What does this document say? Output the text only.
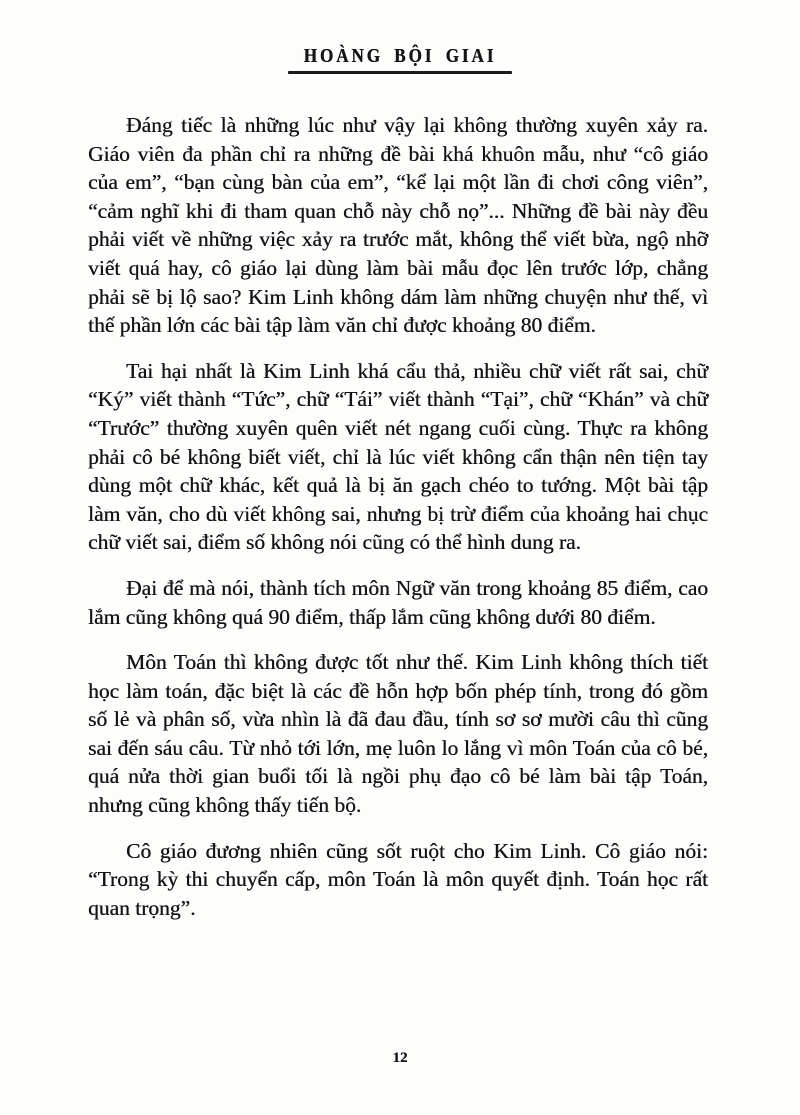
HOÀNG BỘI GIAI

Đáng tiếc là những lúc như vậy lại không thường xuyên xảy ra. Giáo viên đa phần chỉ ra những đề bài khá khuôn mẫu, như “cô giáo của em”, “bạn cùng bàn của em”, “kể lại một lần đi chơi công viên”, “cảm nghĩ khi đi tham quan chỗ này chỗ nọ”... Những đề bài này đều phải viết về những việc xảy ra trước mắt, không thể viết bừa, ngộ nhỡ viết quá hay, cô giáo lại dùng làm bài mẫu đọc lên trước lớp, chẳng phải sẽ bị lộ sao? Kim Linh không dám làm những chuyện như thế, vì thế phần lớn các bài tập làm văn chỉ được khoảng 80 điểm.

Tai hại nhất là Kim Linh khá cẩu thả, nhiều chữ viết rất sai, chữ “Ký” viết thành “Tức”, chữ “Tái” viết thành “Tại”, chữ “Khán” và chữ “Trước” thường xuyên quên viết nét ngang cuối cùng. Thực ra không phải cô bé không biết viết, chỉ là lúc viết không cẩn thận nên tiện tay dùng một chữ khác, kết quả là bị ăn gạch chéo to tướng. Một bài tập làm văn, cho dù viết không sai, nhưng bị trừ điểm của khoảng hai chục chữ viết sai, điểm số không nói cũng có thể hình dung ra.

Đại để mà nói, thành tích môn Ngữ văn trong khoảng 85 điểm, cao lắm cũng không quá 90 điểm, thấp lắm cũng không dưới 80 điểm.

Môn Toán thì không được tốt như thế. Kim Linh không thích tiết học làm toán, đặc biệt là các đề hỗn hợp bốn phép tính, trong đó gồm số lẻ và phân số, vừa nhìn là đã đau đầu, tính sơ sơ mười câu thì cũng sai đến sáu câu. Từ nhỏ tới lớn, mẹ luôn lo lắng vì môn Toán của cô bé, quá nửa thời gian buổi tối là ngồi phụ đạo cô bé làm bài tập Toán, nhưng cũng không thấy tiến bộ.

Cô giáo đương nhiên cũng sốt ruột cho Kim Linh. Cô giáo nói: “Trong kỳ thi chuyển cấp, môn Toán là môn quyết định. Toán học rất quan trọng”.

12
